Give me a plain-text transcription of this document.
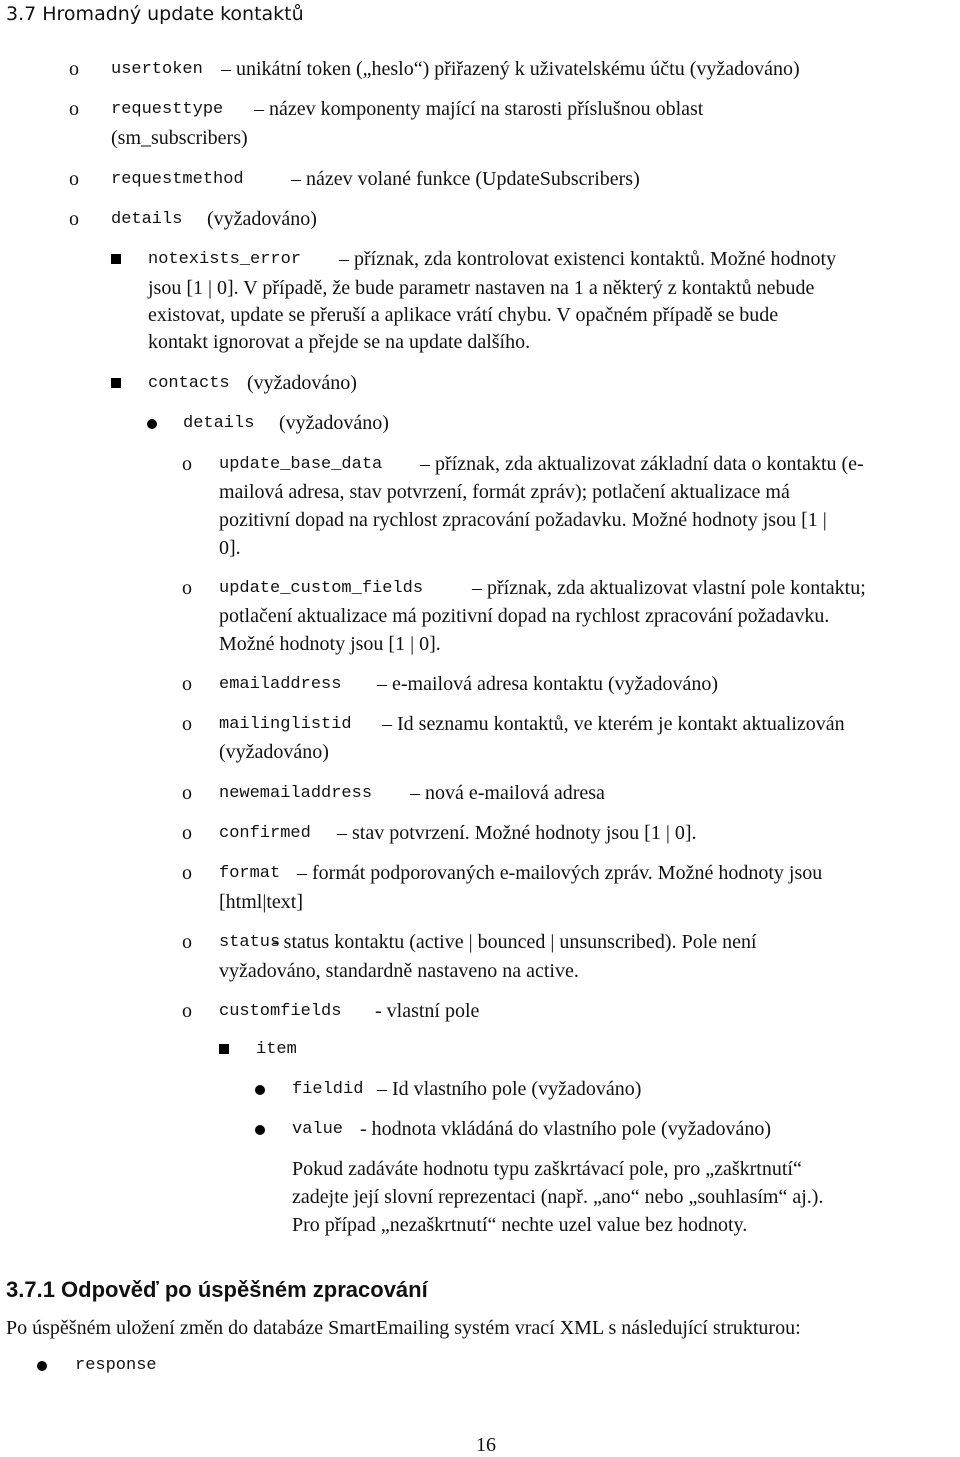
3.7 Hromadný update kontaktů
o usertoken – unikátní token („heslo“) přiřazený k uživatelskému účtu (vyžadováno)
o requesttype – název komponenty mající na starosti příslušnou oblast
(sm_subscribers)
o requestmethod – název volané funkce (UpdateSubscribers)
o details (vyžadováno)
notexists_error – příznak, zda kontrolovat existenci kontaktů. Možné hodnoty
jsou [1 | 0]. V případě, že bude parametr nastaven na 1 a některý z kontaktů nebude
existovat, update se přeruší a aplikace vrátí chybu. V opačném případě se bude
kontakt ignorovat a přejde se na update dalšího.
contacts (vyžadováno)
details (vyžadováno)
o update_base_data – příznak, zda aktualizovat základní data o kontaktu (e-
mailová adresa, stav potvrzení, formát zpráv); potlačení aktualizace má
pozitivní dopad na rychlost zpracování požadavku. Možné hodnoty jsou [1 |
0].
o update_custom_fields – příznak, zda aktualizovat vlastní pole kontaktu;
potlačení aktualizace má pozitivní dopad na rychlost zpracování požadavku.
Možné hodnoty jsou [1 | 0].
o emailaddress – e-mailová adresa kontaktu (vyžadováno)
o mailinglistid – Id seznamu kontaktů, ve kterém je kontakt aktualizován
(vyžadováno)
o newemailaddress – nová e-mailová adresa
o confirmed – stav potvrzení. Možné hodnoty jsou [1 | 0].
o format – formát podporovaných e-mailových zpráv. Možné hodnoty jsou
[html|text]
o status
- status kontaktu (active | bounced | unsunscribed). Pole není
vyžadováno, standardně nastaveno na active.
o customfields - vlastní pole
item
fieldid – Id vlastního pole (vyžadováno)
value - hodnota vkládáná do vlastního pole (vyžadováno)
Pokud zadáváte hodnotu typu zaškrtávací pole, pro „zaškrtnutí“
zadejte její slovní reprezentaci (např. „ano“ nebo „souhlasím“ aj.).
Pro případ „nezaškrtnutí“ nechte uzel value bez hodnoty.
3.7.1 Odpověď po úspěšném zpracování
Po úspěšném uložení změn do databáze SmartEmailing systém vrací XML s následující strukturou:
response
16
